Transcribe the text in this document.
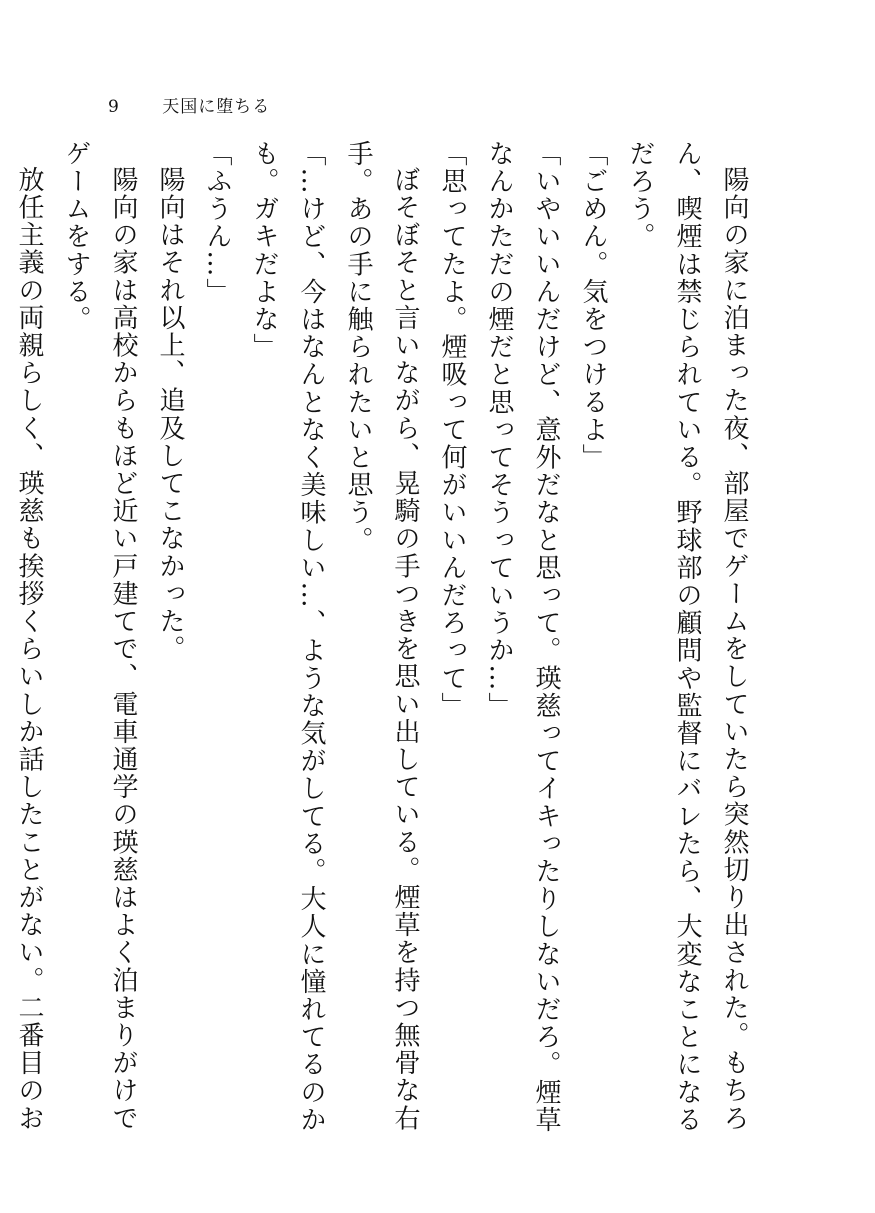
9 天国に堕ちる

陽向の家に泊まった夜、部屋でゲームをしていたら突然切り出された。もちろん、喫煙は禁じられている。野球部の顧問や監督にバレたら、大変なことになるだろう。

「ごめん。気をつけるよ」

「いやいいんだけど、意外だなと思って。瑛慈ってイキったりしないだろ。煙草なんかただの煙だと思ってそうっていうか…」

「思ってたよ。煙吸って何がいいんだろって」

ぼそぼそと言いながら、晃騎の手つきを思い出している。煙草を持つ無骨な右手。あの手に触られたいと思う。

「…けど、今はなんとなく美味しい…、ような気がしてる。大人に憧れてるのかも。ガキだよな」

「ふうん…」

陽向はそれ以上、追及してこなかった。

陽向の家は高校からもほど近い戸建てで、電車通学の瑛慈はよく泊まりがけでゲームをする。

放任主義の両親らしく、瑛慈も挨拶くらいしか話したことがない。二番目のお
